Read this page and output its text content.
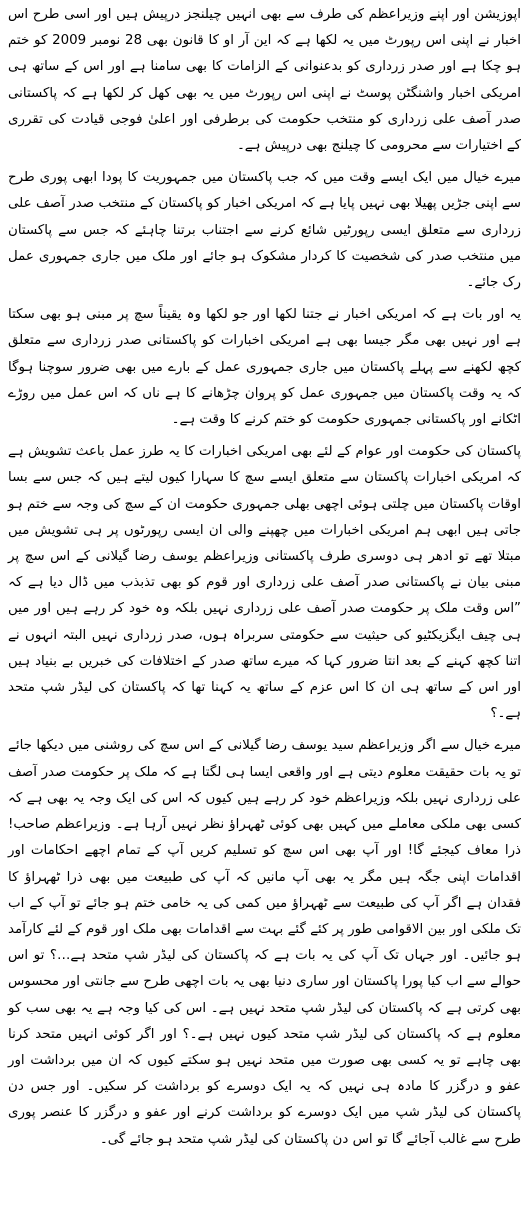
اپوزیشن اور اپنے وزیراعظم کی طرف سے بھی انہیں چیلنجز درپیش ہیں اور اسی طرح اس اخبار نے اپنی اس رپورٹ میں یہ لکھا ہے کہ این آر او کا قانون بھی 28 نومبر 2009 کو ختم ہو چکا ہے اور صدر زرداری کو بدعنوانی کے الزامات کا بھی سامنا ہے اور اس کے ساتھ ہی امریکی اخبار واشنگٹن پوسٹ نے اپنی اس رپورٹ میں یہ بھی کھل کر لکھا ہے کہ پاکستانی صدر آصف علی زرداری کو منتخب حکومت کی برطرفی اور اعلیٰ فوجی قیادت کی تقرری کے اختیارات سے محرومی کا چیلنج بھی درپیش ہے۔

میرے خیال میں ایک ایسے وقت میں کہ جب پاکستان میں جمہوریت کا پودا ابھی پوری طرح سے اپنی جڑیں پھیلا بھی نہیں پایا ہے کہ امریکی اخبار کو پاکستان کے منتخب صدر آصف علی زرداری سے متعلق ایسی رپورٹیں شائع کرنے سے اجتناب برتنا چاہئے کہ جس سے پاکستان میں منتخب صدر کی شخصیت کا کردار مشکوک ہو جائے اور ملک میں جاری جمہوری عمل رک جائے۔

یہ اور بات ہے کہ امریکی اخبار نے جتنا لکھا اور جو لکھا وہ یقیناً سچ پر مبنی ہو بھی سکتا ہے اور نہیں بھی مگر جیسا بھی ہے امریکی اخبارات کو پاکستانی صدر زرداری سے متعلق کچھ لکھنے سے پہلے پاکستان میں جاری جمہوری عمل کے بارے میں بھی ضرور سوچنا ہوگا کہ یہ وقت پاکستان میں جمہوری عمل کو پروان چڑھانے کا ہے ناں کہ اس عمل میں روڑے اٹکانے اور پاکستانی جمہوری حکومت کو ختم کرنے کا وقت ہے۔

پاکستان کی حکومت اور عوام کے لئے بھی امریکی اخبارات کا یہ طرز عمل باعث تشویش ہے کہ امریکی اخبارات پاکستان سے متعلق ایسے سچ کا سہارا کیوں لیتے ہیں کہ جس سے بسا اوقات پاکستان میں چلتی ہوئی اچھی بھلی جمہوری حکومت ان کے سچ کی وجہ سے ختم ہو جاتی ہیں ابھی ہم امریکی اخبارات میں چھپنے والی ان ایسی رپورٹوں پر ہی تشویش میں مبتلا تھے تو ادھر ہی دوسری طرف پاکستانی وزیراعظم یوسف رضا گیلانی کے اس سچ پر مبنی بیان نے پاکستانی صدر آصف علی زرداری اور قوم کو بھی تذبذب میں ڈال دیا ہے کہ ”اس وقت ملک پر حکومت صدر آصف علی زرداری نہیں بلکہ وہ خود کر رہے ہیں اور میں ہی چیف ایگزیکٹیو کی حیثیت سے حکومتی سربراہ ہوں، صدر زرداری نہیں البتہ انہوں نے اتنا کچھ کہنے کے بعد انتا ضرور کہا کہ میرے ساتھ صدر کے اختلافات کی خبریں بے بنیاد ہیں اور اس کے ساتھ ہی ان کا اس عزم کے ساتھ یہ کہنا تھا کہ پاکستان کی لیڈر شپ متحد ہے۔؟

میرے خیال سے اگر وزیراعظم سید یوسف رضا گیلانی کے اس سچ کی روشنی میں دیکھا جائے تو یہ بات حقیقت معلوم دیتی ہے اور واقعی ایسا ہی لگتا ہے کہ ملک پر حکومت صدر آصف علی زرداری نہیں بلکہ وزیراعظم خود کر رہے ہیں کیوں کہ اس کی ایک وجہ یہ بھی ہے کہ کسی بھی ملکی معاملے میں کہیں بھی کوئی ٹھہراؤ نظر نہیں آرہا ہے۔ وزیراعظم صاحب! ذرا معاف کیجئے گا! اور آپ بھی اس سچ کو تسلیم کریں آپ کے تمام اچھے احکامات اور اقدامات اپنی جگہ ہیں مگر یہ بھی آپ مانیں کہ آپ کی طبیعت میں بھی ذرا ٹھہراؤ کا فقدان ہے اگر آپ کی طبیعت سے ٹھہراؤ میں کمی کی یہ خامی ختم ہو جائے تو آپ کے اب تک ملکی اور بین الاقوامی طور پر کئے گئے بہت سے اقدامات بھی ملک اور قوم کے لئے کارآمد ہو جائیں۔ اور جہاں تک آپ کی یہ بات ہے کہ پاکستان کی لیڈر شپ متحد ہے…؟ تو اس حوالے سے اب کیا پورا پاکستان اور ساری دنیا بھی یہ بات اچھی طرح سے جانتی اور محسوس بھی کرتی ہے کہ پاکستان کی لیڈر شپ متحد نہیں ہے۔ اس کی کیا وجہ ہے یہ بھی سب کو معلوم ہے کہ پاکستان کی لیڈر شپ متحد کیوں نہیں ہے۔؟ اور اگر کوئی انہیں متحد کرنا بھی چاہے تو یہ کسی بھی صورت میں متحد نہیں ہو سکتے کیوں کہ ان میں برداشت اور عفو و درگزر کا مادہ ہی نہیں کہ یہ ایک دوسرے کو برداشت کر سکیں۔ اور جس دن پاکستان کی لیڈر شپ میں ایک دوسرے کو برداشت کرنے اور عفو و درگزر کا عنصر پوری طرح سے غالب آجائے گا تو اس دن پاکستان کی لیڈر شپ متحد ہو جائے گی۔
